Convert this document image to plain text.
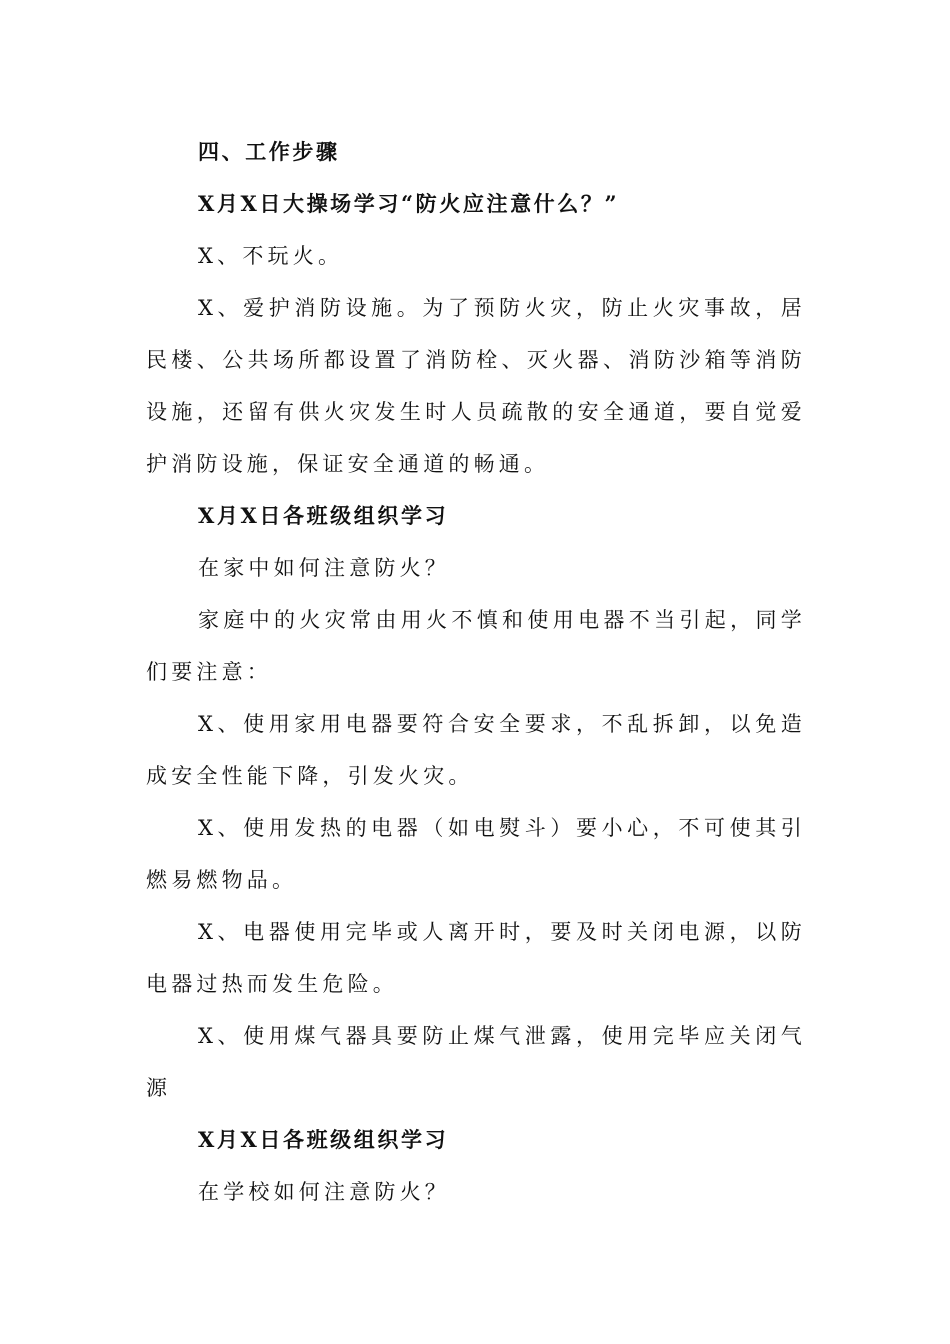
四、工作步骤

X月X日大操场学习“防火应注意什么？”

X、不玩火。

X、爱护消防设施。为了预防火灾，防止火灾事故，居民楼、公共场所都设置了消防栓、灭火器、消防沙箱等消防设施，还留有供火灾发生时人员疏散的安全通道，要自觉爱护消防设施，保证安全通道的畅通。

X月X日各班级组织学习

在家中如何注意防火？

家庭中的火灾常由用火不慎和使用电器不当引起，同学们要注意：

X、使用家用电器要符合安全要求，不乱拆卸，以免造成安全性能下降，引发火灾。

X、使用发热的电器（如电熨斗）要小心，不可使其引燃易燃物品。

X、电器使用完毕或人离开时，要及时关闭电源，以防电器过热而发生危险。

X、使用煤气器具要防止煤气泄露，使用完毕应关闭气源

X月X日各班级组织学习

在学校如何注意防火？
